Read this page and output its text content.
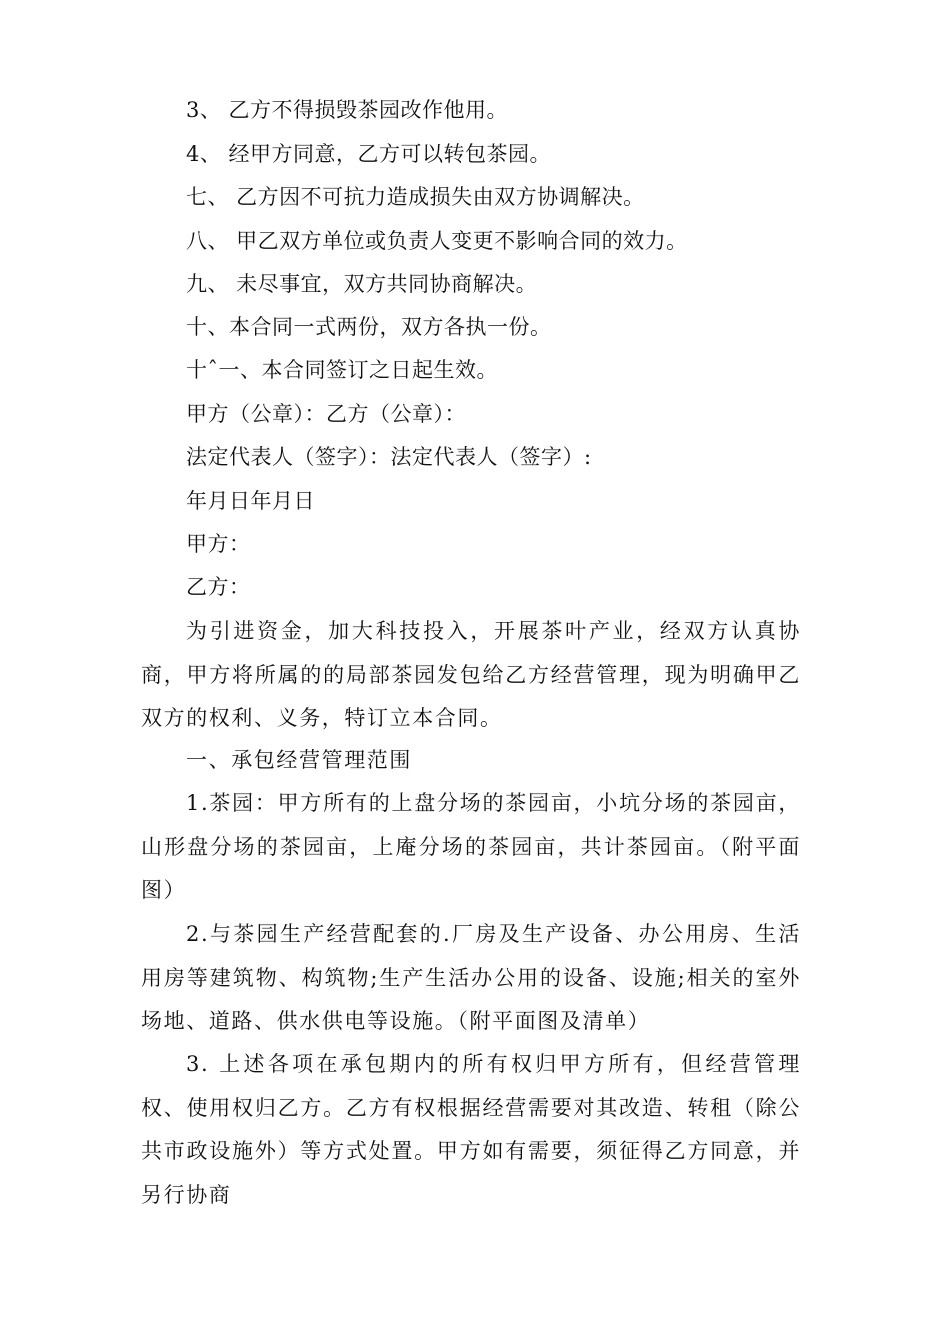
3、 乙方不得损毁茶园改作他用。
4、 经甲方同意，乙方可以转包茶园。
七、 乙方因不可抗力造成损失由双方协调解决。
八、 甲乙双方单位或负责人变更不影响合同的效力。
九、 未尽事宜，双方共同协商解决。
十、本合同一式两份，双方各执一份。
十ˆ一、本合同签订之日起生效。
甲方（公章）：乙方（公章）：
法定代表人（签字）：法定代表人（签字）:
年月日年月日
甲方：
乙方：
为引进资金，加大科技投入，开展茶叶产业，经双方认真协商，甲方将所属的的局部茶园发包给乙方经营管理，现为明确甲乙双方的权利、义务，特订立本合同。
一、承包经营管理范围
1.茶园：甲方所有的上盘分场的茶园亩，小坑分场的茶园亩，山形盘分场的茶园亩，上庵分场的茶园亩，共计茶园亩。（附平面图）
2.与茶园生产经营配套的.厂房及生产设备、办公用房、生活用房等建筑物、构筑物;生产生活办公用的设备、设施;相关的室外场地、道路、供水供电等设施。（附平面图及清单）
3. 上述各项在承包期内的所有权归甲方所有，但经营管理权、使用权归乙方。乙方有权根据经营需要对其改造、转租（除公共市政设施外）等方式处置。甲方如有需要，须征得乙方同意，并另行协商
